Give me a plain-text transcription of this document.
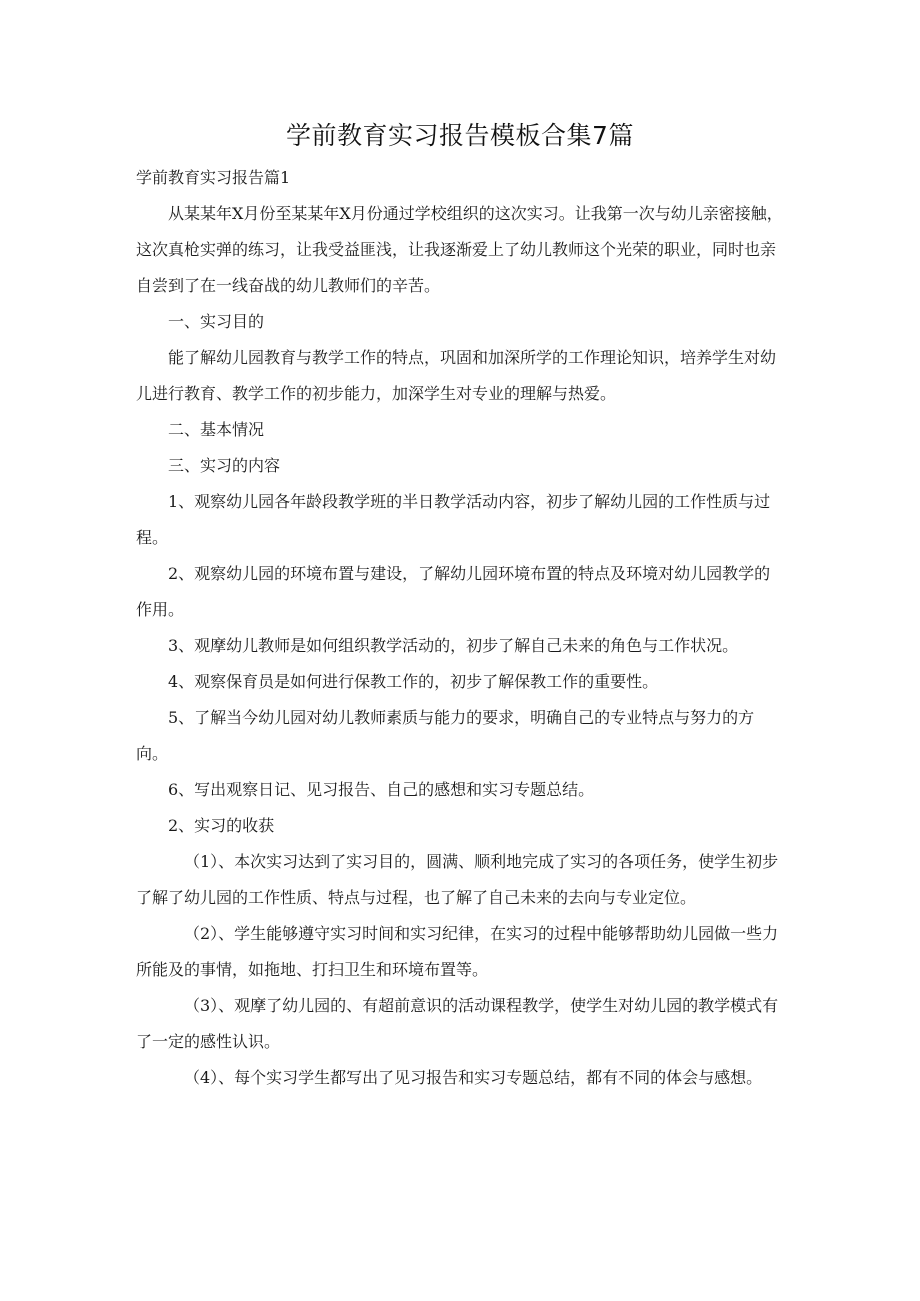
学前教育实习报告模板合集7篇

学前教育实习报告篇1

从某某年X月份至某某年X月份通过学校组织的这次实习。让我第一次与幼儿亲密接触，这次真枪实弹的练习，让我受益匪浅，让我逐渐爱上了幼儿教师这个光荣的职业，同时也亲自尝到了在一线奋战的幼儿教师们的辛苦。

一、实习目的

能了解幼儿园教育与教学工作的特点，巩固和加深所学的工作理论知识，培养学生对幼儿进行教育、教学工作的初步能力，加深学生对专业的理解与热爱。

二、基本情况

三、实习的内容

1、观察幼儿园各年龄段教学班的半日教学活动内容，初步了解幼儿园的工作性质与过程。

2、观察幼儿园的环境布置与建设，了解幼儿园环境布置的特点及环境对幼儿园教学的作用。

3、观摩幼儿教师是如何组织教学活动的，初步了解自己未来的角色与工作状况。

4、观察保育员是如何进行保教工作的，初步了解保教工作的重要性。

5、了解当今幼儿园对幼儿教师素质与能力的要求，明确自己的专业特点与努力的方向。

6、写出观察日记、见习报告、自己的感想和实习专题总结。

2、实习的收获

（1）、本次实习达到了实习目的，圆满、顺利地完成了实习的各项任务，使学生初步了解了幼儿园的工作性质、特点与过程，也了解了自己未来的去向与专业定位。

（2）、学生能够遵守实习时间和实习纪律，在实习的过程中能够帮助幼儿园做一些力所能及的事情，如拖地、打扫卫生和环境布置等。

（3）、观摩了幼儿园的、有超前意识的活动课程教学，使学生对幼儿园的教学模式有了一定的感性认识。

（4）、每个实习学生都写出了见习报告和实习专题总结，都有不同的体会与感想。
